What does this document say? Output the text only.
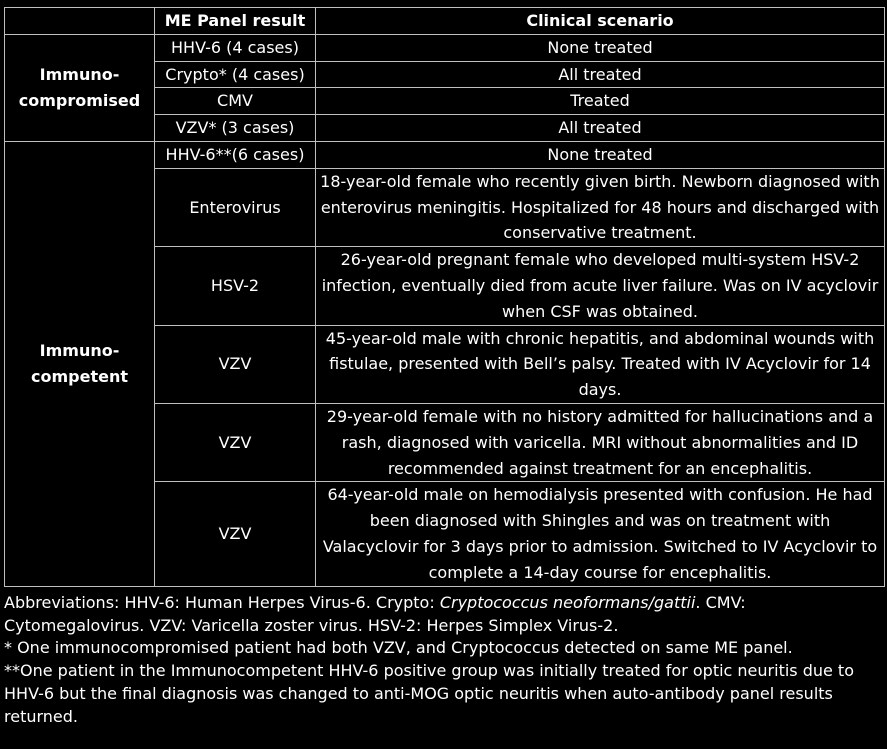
	ME Panel result	Clinical scenario
Immuno-
compromised	HHV-6 (4 cases)	None treated
	Crypto* (4 cases)	All treated
	CMV	Treated
	VZV* (3 cases)	All treated
Immuno-
competent	HHV-6**(6 cases)	None treated
	Enterovirus	18-year-old female who recently given birth. Newborn diagnosed with enterovirus meningitis. Hospitalized for 48 hours and discharged with conservative treatment.
	HSV-2	26-year-old pregnant female who developed multi-system HSV-2 infection, eventually died from acute liver failure. Was on IV acyclovir when CSF was obtained.
	VZV	45-year-old male with chronic hepatitis, and abdominal wounds with fistulae, presented with Bell’s palsy. Treated with IV Acyclovir for 14 days.
	VZV	29-year-old female with no history admitted for hallucinations and a rash, diagnosed with varicella. MRI without abnormalities and ID recommended against treatment for an encephalitis.
	VZV	64-year-old male on hemodialysis presented with confusion. He had been diagnosed with Shingles and was on treatment with Valacyclovir for 3 days prior to admission. Switched to IV Acyclovir to complete a 14-day course for encephalitis.

Abbreviations: HHV-6: Human Herpes Virus-6. Crypto: Cryptococcus neoformans/gattii. CMV: Cytomegalovirus. VZV: Varicella zoster virus. HSV-2: Herpes Simplex Virus-2.

* One immunocompromised patient had both VZV, and Cryptococcus detected on same ME panel.

**One patient in the Immunocompetent HHV-6 positive group was initially treated for optic neuritis due to HHV-6 but the final diagnosis was changed to anti-MOG optic neuritis when auto-antibody panel results returned.
